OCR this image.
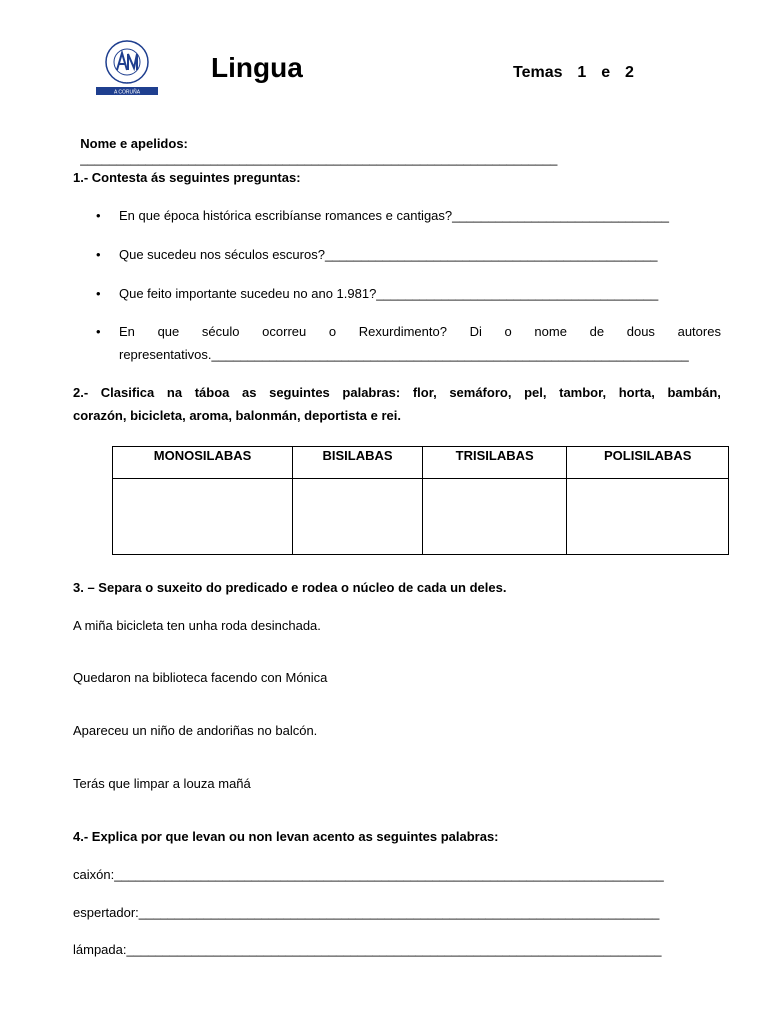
A CORUÑA
Lingua	Temas  1  e  2

Nome e apelidos:
__________________________________________________________________

1.- Contesta ás seguintes preguntas:
• En que época histórica escribíanse romances e cantigas?______________________________
• Que sucedeu nos séculos escuros?______________________________________________
• Que feito importante sucedeu no ano 1.981?_______________________________________
• En que século ocorreu o Rexurdimento? Di o nome de dous autores
representativos.__________________________________________________________________
2.- Clasifica na táboa as seguintes palabras: flor, semáforo, pel, tambor, horta, bambán,
corazón, bicicleta, aroma, balonmán, deportista e rei.
MONOSILABAS	BISILABAS	TRISILABAS	POLISILABAS

3. – Separa o suxeito do predicado e rodea o núcleo de cada un deles.
A miña bicicleta ten unha roda desinchada.
Quedaron na biblioteca facendo con Mónica
Apareceu un niño de andoriñas no balcón.
Terás que limpar a louza mañá
4.- Explica por que levan ou non levan acento as seguintes palabras:
caixón:____________________________________________________________________________
espertador:________________________________________________________________________
lámpada:__________________________________________________________________________
